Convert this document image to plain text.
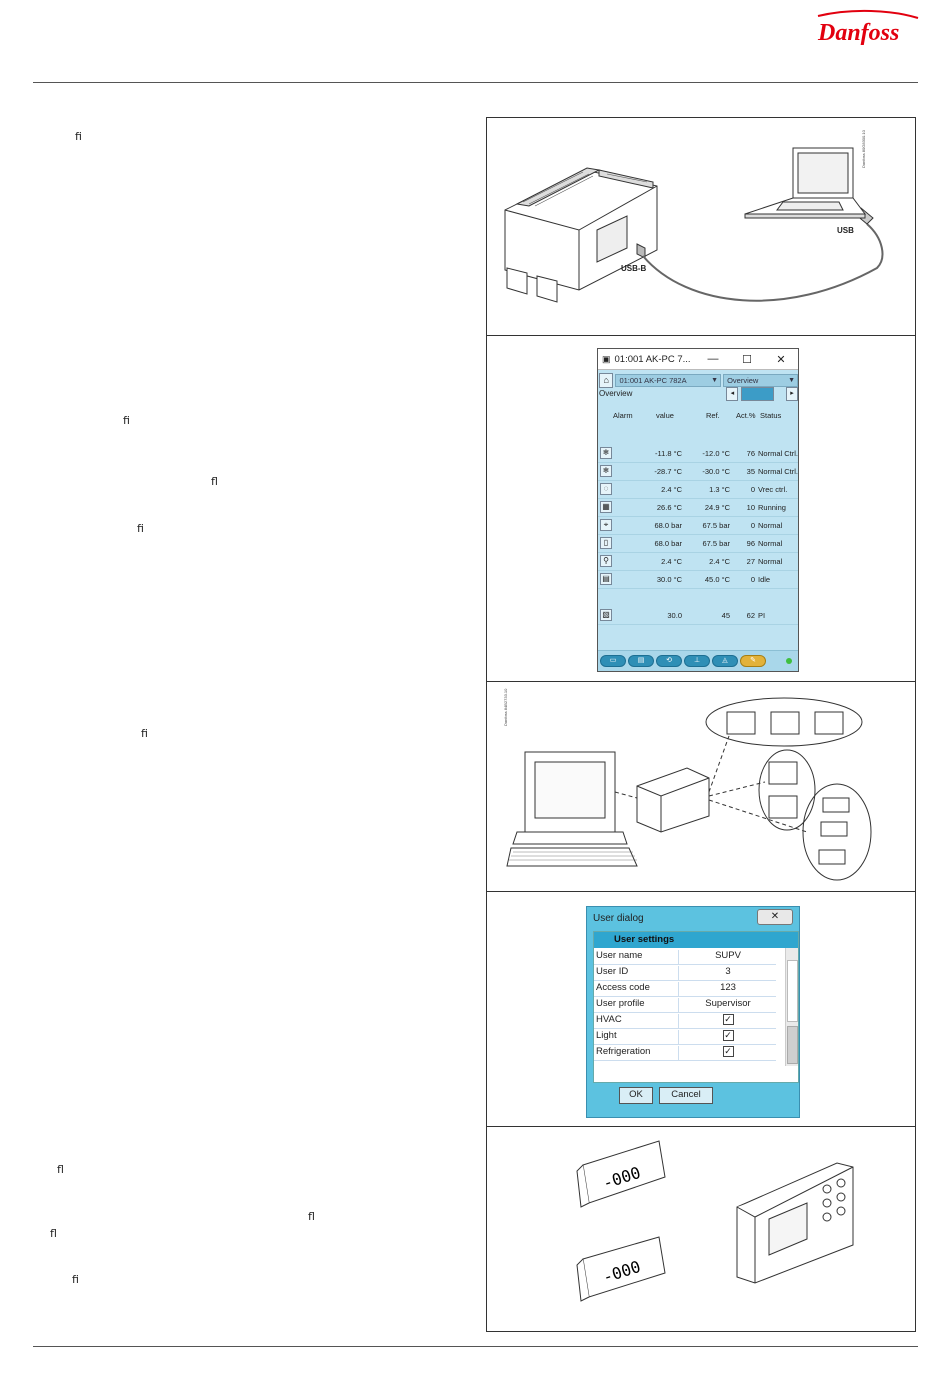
Danfoss
ﬁ
ﬁ
ﬂ
ﬁ
ﬁ
ﬂ
ﬂ
ﬂ
ﬁ
USB-B
USB
Danfoss 80G8300.10
▣ 01:001 AK-PC 7...	—	☐	✕
⌂	01:001 AK-PC 782A	▼ Overview	▼
Overview	◂	▸
Alarm	value	Ref. Act.% Status
❄	-11.8 °C	-12.0 °C 76 Normal Ctrl.
❄	-28.7 °C	-30.0 °C 35 Normal Ctrl.
◌	2.4 °C	1.3 °C	0 Vrec ctrl.
▦	26.6 °C	24.9 °C 10 Running
⌖	68.0 bar	67.5 bar	0 Normal
▯	68.0 bar	67.5 bar 96 Normal
⚲	2.4 °C	2.4 °C 27 Normal
▤	30.0 °C	45.0 °C	0 Idle
▧	30.0	45 62 PI
▭	▤	⟲	⊥	◬	✎
Danfoss 84B2733.10
User dialog	✕
User settings
User name	SUPV
User ID	3
Access code	123
User profile	Supervisor
HVAC	✓
Light	✓
Refrigeration	✓
OK	Cancel
-000
-000
